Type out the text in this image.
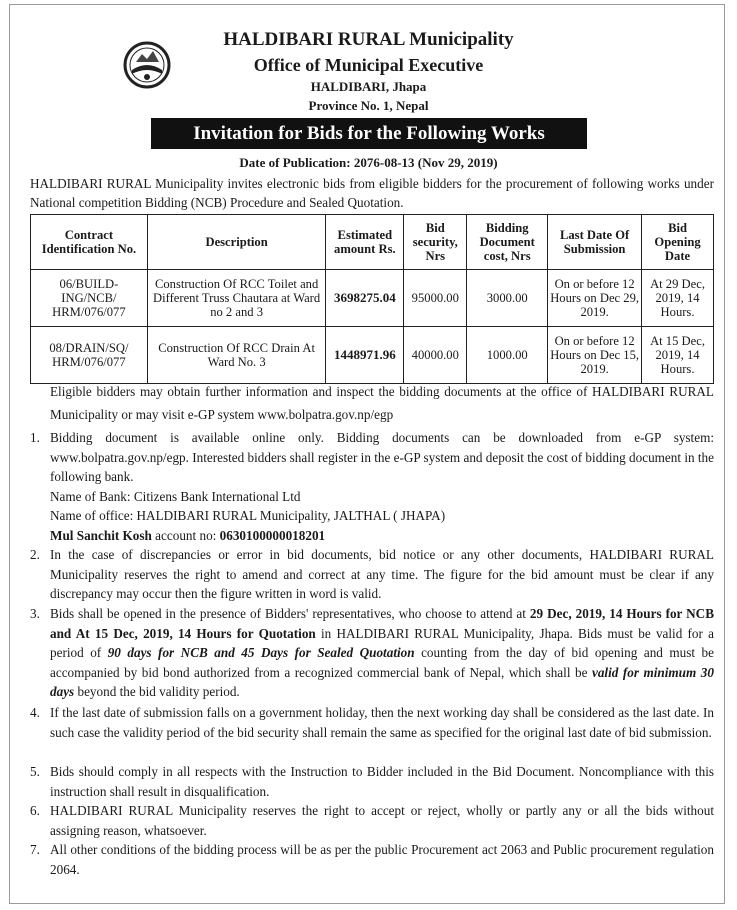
HALDIBARI RURAL Municipality
Office of Municipal Executive
HALDIBARI, Jhapa
Province No. 1, Nepal
Invitation for Bids for the Following Works
Date of Publication: 2076-08-13 (Nov 29, 2019)
HALDIBARI RURAL Municipality invites electronic bids from eligible bidders for the procurement of following works under National competition Bidding (NCB) Procedure and Sealed Quotation.
Contract Identification No.	Description	Estimated amount Rs.	Bid security, Nrs	Bidding Document cost, Nrs	Last Date Of Submission	Bid Opening Date
06/BUILD-ING/NCB/ HRM/076/077	Construction Of RCC Toilet and Different Truss Chautara at Ward no 2 and 3	3698275.04	95000.00	3000.00	On or before 12 Hours on Dec 29, 2019.	At 29 Dec, 2019, 14 Hours.
08/DRAIN/SQ/ HRM/076/077	Construction Of RCC Drain At Ward No. 3	1448971.96	40000.00	1000.00	On or before 12 Hours on Dec 15, 2019.	At 15 Dec, 2019, 14 Hours.
Eligible bidders may obtain further information and inspect the bidding documents at the office of HALDIBARI RURAL Municipality or may visit e-GP system www.bolpatra.gov.np/egp
1. Bidding document is available online only. Bidding documents can be downloaded from e-GP system: www.bolpatra.gov.np/egp. Interested bidders shall register in the e-GP system and deposit the cost of bidding document in the following bank.
Name of Bank: Citizens Bank International Ltd
Name of office: HALDIBARI RURAL Municipality, JALTHAL ( JHAPA)
Mul Sanchit Kosh account no: 0630100000018201
2. In the case of discrepancies or error in bid documents, bid notice or any other documents, HALDIBARI RURAL Municipality reserves the right to amend and correct at any time. The figure for the bid amount must be clear if any discrepancy may occur then the figure written in word is valid.
3. Bids shall be opened in the presence of Bidders' representatives, who choose to attend at 29 Dec, 2019, 14 Hours for NCB and At 15 Dec, 2019, 14 Hours for Quotation in HALDIBARI RURAL Municipality, Jhapa. Bids must be valid for a period of 90 days for NCB and 45 Days for Sealed Quotation counting from the day of bid opening and must be accompanied by bid bond authorized from a recognized commercial bank of Nepal, which shall be valid for minimum 30 days beyond the bid validity period.
4. If the last date of submission falls on a government holiday, then the next working day shall be considered as the last date. In such case the validity period of the bid security shall remain the same as specified for the original last date of bid submission.
5. Bids should comply in all respects with the Instruction to Bidder included in the Bid Document. Noncompliance with this instruction shall result in disqualification.
6. HALDIBARI RURAL Municipality reserves the right to accept or reject, wholly or partly any or all the bids without assigning reason, whatsoever.
7. All other conditions of the bidding process will be as per the public Procurement act 2063 and Public procurement regulation 2064.
